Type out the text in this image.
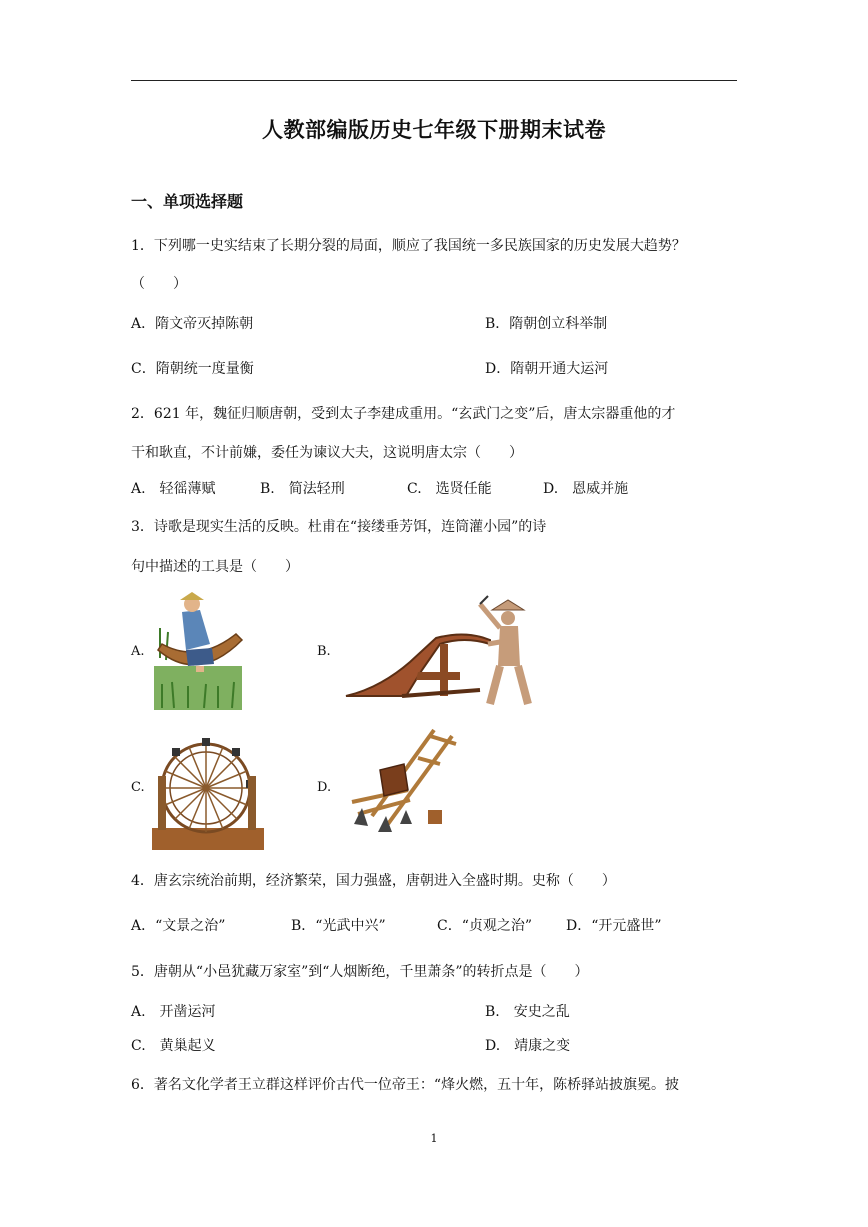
人教部编版历史七年级下册期末试卷
一、单项选择题
1．下列哪一史实结束了长期分裂的局面，顺应了我国统一多民族国家的历史发展大趋势？
（　　）
A．隋文帝灭掉陈朝	B．隋朝创立科举制
C．隋朝统一度量衡	D．隋朝开通大运河
2．621 年，魏征归顺唐朝，受到太子李建成重用。“玄武门之变”后，唐太宗器重他的才
干和耿直，不计前嫌，委任为谏议大夫，这说明唐太宗（　　）
A.　轻徭薄赋	B.　简法轻刑	C.　选贤任能	D.　恩威并施
3．诗歌是现实生活的反映。杜甫在“接缕垂芳饵，连筒灌小园”的诗
句中描述的工具是（　　）
A.	B.
C.	D.
4．唐玄宗统治前期，经济繁荣，国力强盛，唐朝进入全盛时期。史称（　　）
A．“文景之治”	B．“光武中兴”	C．“贞观之治” D．“开元盛世”
5．唐朝从“小邑犹藏万家室”到“人烟断绝，千里萧条”的转折点是（　　）
A.　开凿运河	B.　安史之乱
C.　黄巢起义	D.　靖康之变
6．著名文化学者王立群这样评价古代一位帝王：“烽火燃，五十年，陈桥驿站披旗冕。披
1
